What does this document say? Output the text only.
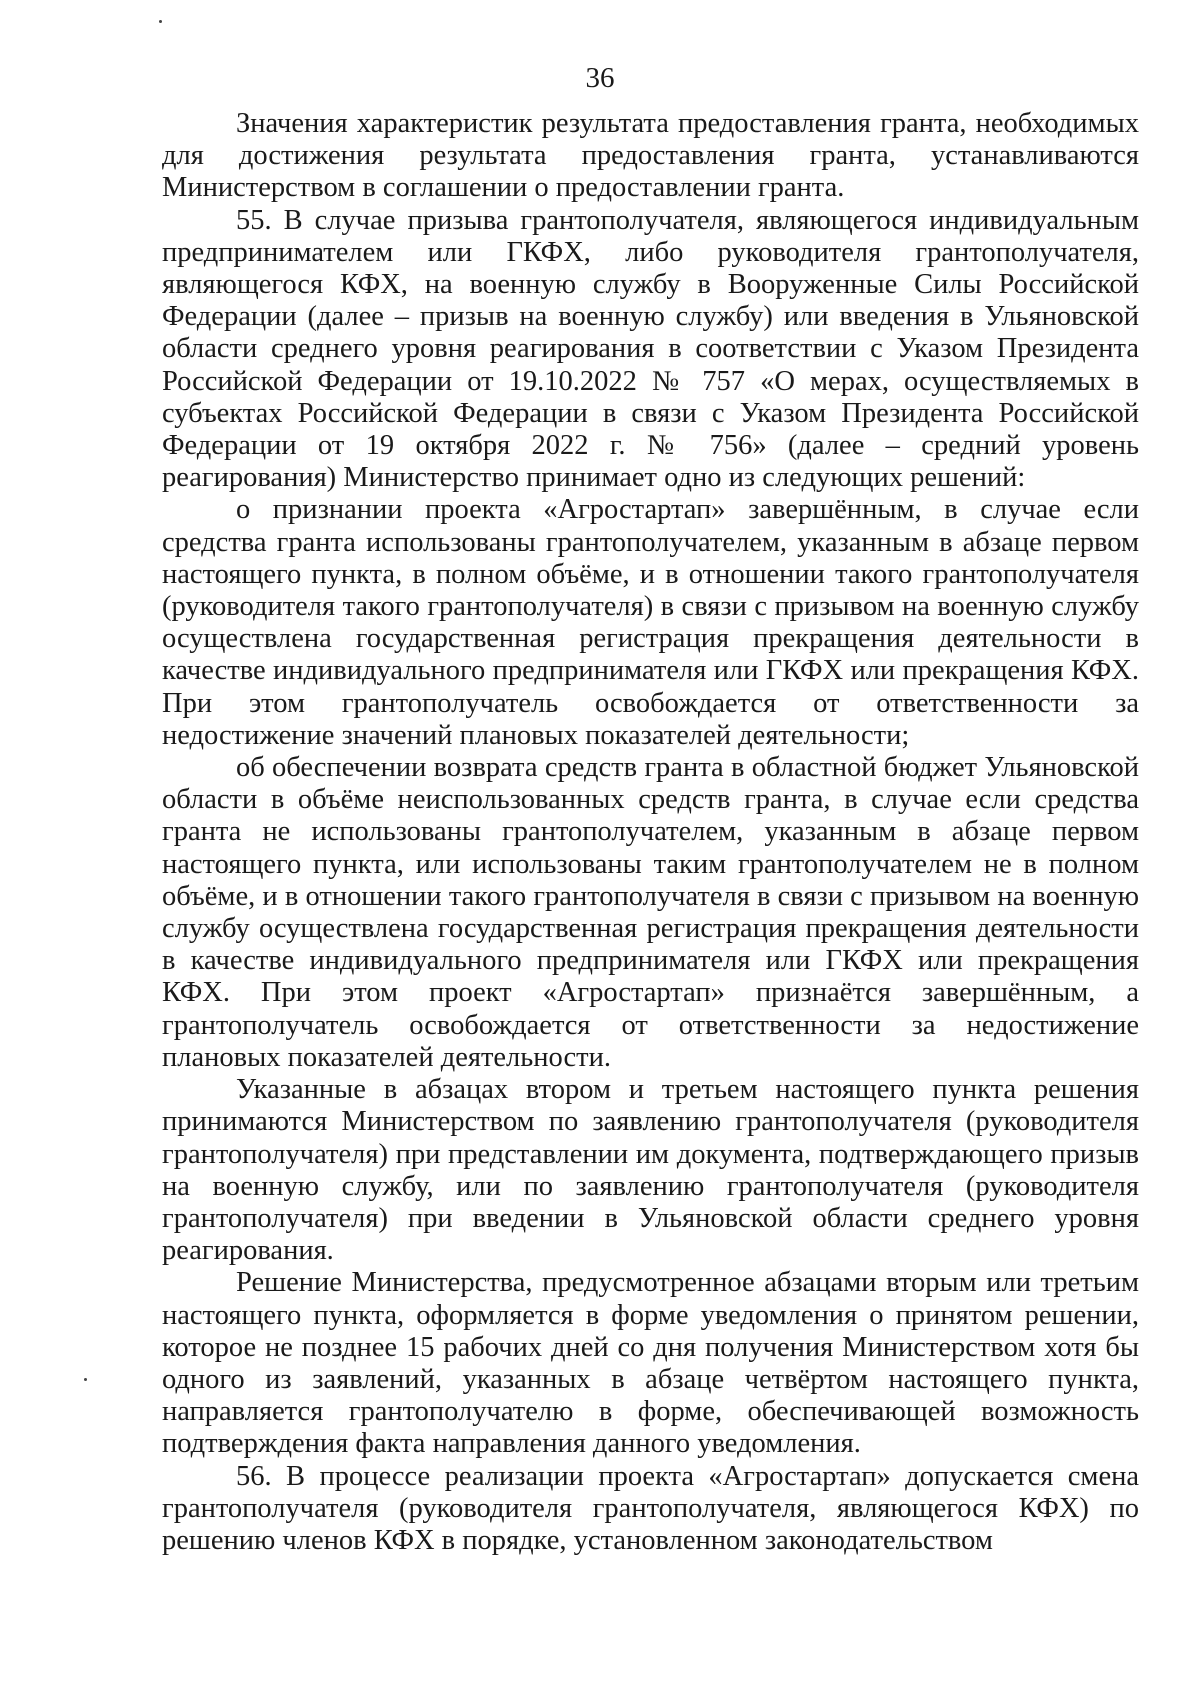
36

Значения характеристик результата предоставления гранта, необходимых для достижения результата предоставления гранта, устанавливаются Министерством в соглашении о предоставлении гранта.

55. В случае призыва грантополучателя, являющегося индивидуальным предпринимателем или ГКФХ, либо руководителя грантополучателя, являющегося КФХ, на военную службу в Вооруженные Силы Российской Федерации (далее – призыв на военную службу) или введения в Ульяновской области среднего уровня реагирования в соответствии с Указом Президента Российской Федерации от 19.10.2022 № 757 «О мерах, осуществляемых в субъектах Российской Федерации в связи с Указом Президента Российской Федерации от 19 октября 2022 г. № 756» (далее – средний уровень реагирования) Министерство принимает одно из следующих решений:

о признании проекта «Агростартап» завершённым, в случае если средства гранта использованы грантополучателем, указанным в абзаце первом настоящего пункта, в полном объёме, и в отношении такого грантополучателя (руководителя такого грантополучателя) в связи с призывом на военную службу осуществлена государственная регистрация прекращения деятельности в качестве индивидуального предпринимателя или ГКФХ или прекращения КФХ. При этом грантополучатель освобождается от ответственности за недостижение значений плановых показателей деятельности;

об обеспечении возврата средств гранта в областной бюджет Ульяновской области в объёме неиспользованных средств гранта, в случае если средства гранта не использованы грантополучателем, указанным в абзаце первом настоящего пункта, или использованы таким грантополучателем не в полном объёме, и в отношении такого грантополучателя в связи с призывом на военную службу осуществлена государственная регистрация прекращения деятельности в качестве индивидуального предпринимателя или ГКФХ или прекращения КФХ. При этом проект «Агростартап» признаётся завершённым, а грантополучатель освобождается от ответственности за недостижение плановых показателей деятельности.

Указанные в абзацах втором и третьем настоящего пункта решения принимаются Министерством по заявлению грантополучателя (руководителя грантополучателя) при представлении им документа, подтверждающего призыв на военную службу, или по заявлению грантополучателя (руководителя грантополучателя) при введении в Ульяновской области среднего уровня реагирования.

Решение Министерства, предусмотренное абзацами вторым или третьим настоящего пункта, оформляется в форме уведомления о принятом решении, которое не позднее 15 рабочих дней со дня получения Министерством хотя бы одного из заявлений, указанных в абзаце четвёртом настоящего пункта, направляется грантополучателю в форме, обеспечивающей возможность подтверждения факта направления данного уведомления.

56. В процессе реализации проекта «Агростартап» допускается смена грантополучателя (руководителя грантополучателя, являющегося КФХ) по решению членов КФХ в порядке, установленном законодательством
